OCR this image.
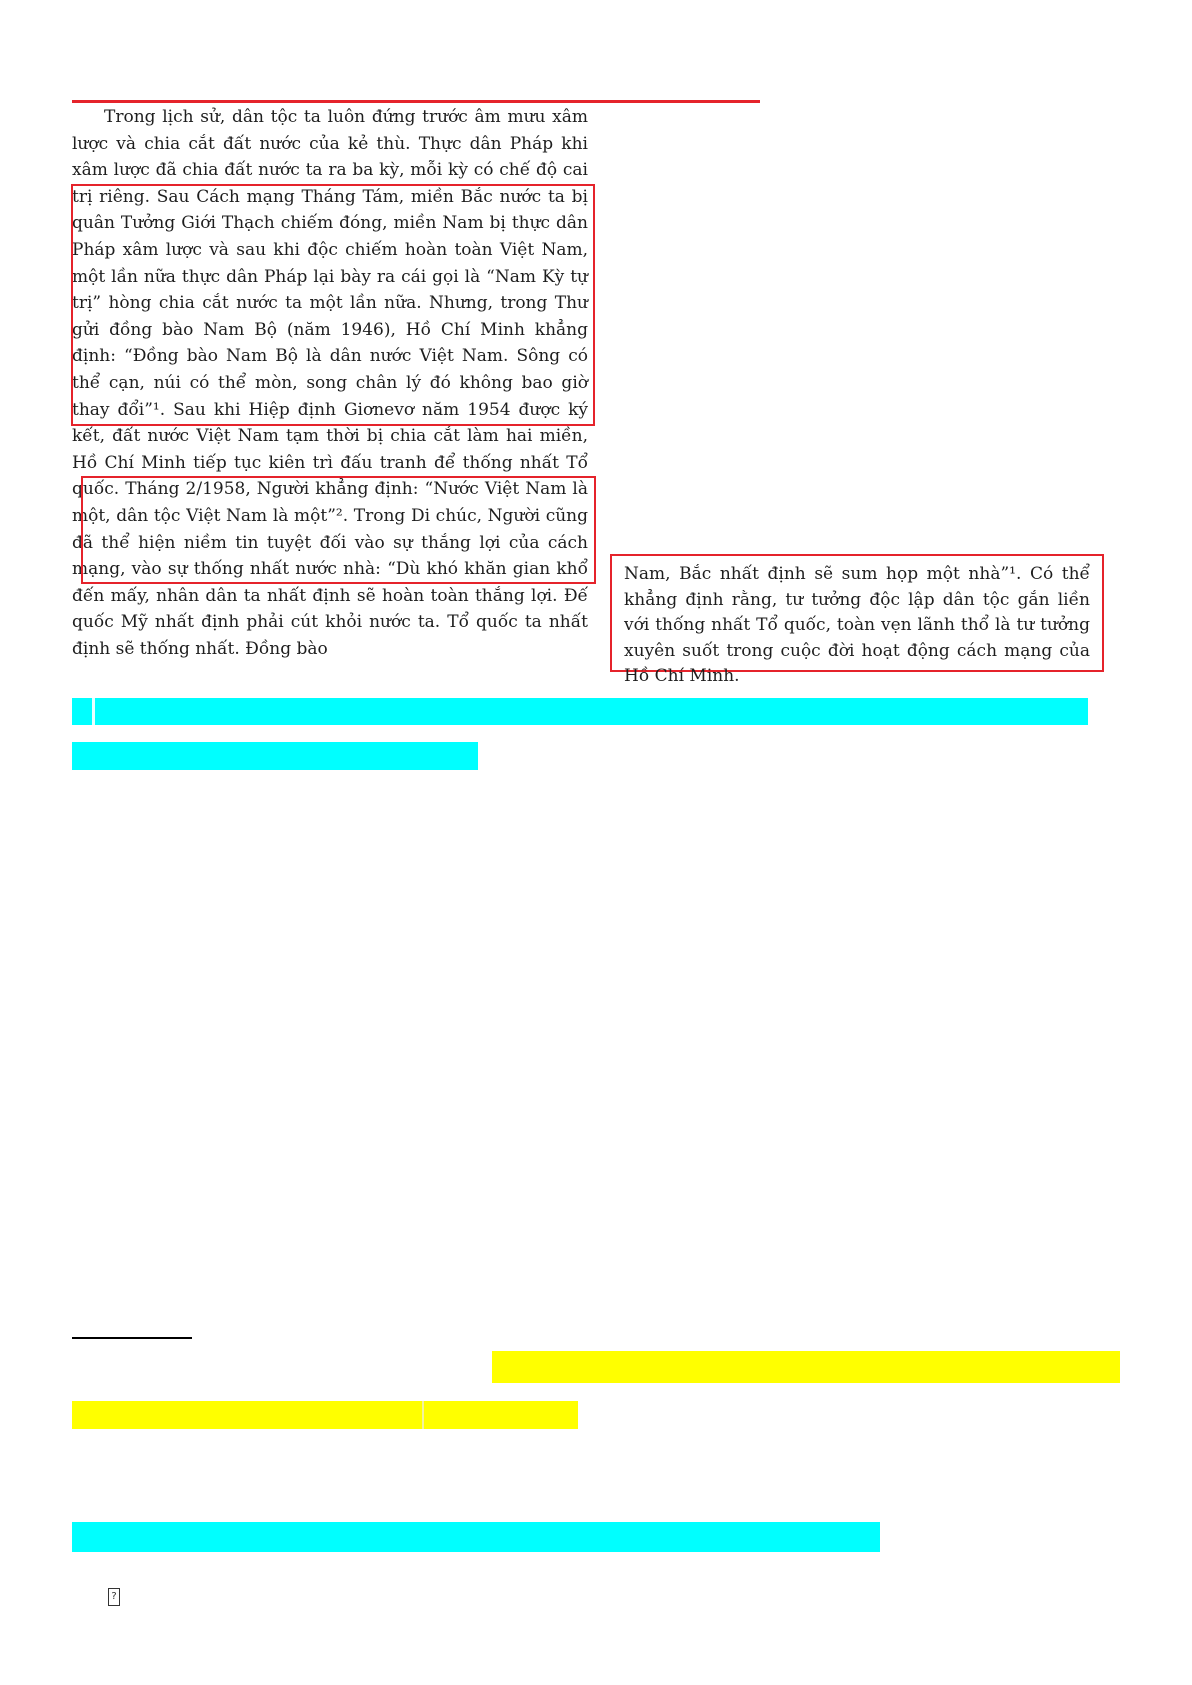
Trong lịch sử, dân tộc ta luôn đứng trước âm mưu xâm lược và chia cắt đất nước của kẻ thù. Thực dân Pháp khi xâm lược đã chia đất nước ta ra ba kỳ, mỗi kỳ có chế độ cai trị riêng. Sau Cách mạng Tháng Tám, miền Bắc nước ta bị quân Tưởng Giới Thạch chiếm đóng, miền Nam bị thực dân Pháp xâm lược và sau khi độc chiếm hoàn toàn Việt Nam, một lần nữa thực dân Pháp lại bày ra cái gọi là “Nam Kỳ tự trị” hòng chia cắt nước ta một lần nữa. Nhưng, trong Thư gửi đồng bào Nam Bộ (năm 1946), Hồ Chí Minh khẳng định: “Đồng bào Nam Bộ là dân nước Việt Nam. Sông có thể cạn, núi có thể mòn, song chân lý đó không bao giờ thay đổi”¹. Sau khi Hiệp định Giơnevơ năm 1954 được ký kết, đất nước Việt Nam tạm thời bị chia cắt làm hai miền, Hồ Chí Minh tiếp tục kiên trì đấu tranh để thống nhất Tổ quốc. Tháng 2/1958, Người khẳng định: “Nước Việt Nam là một, dân tộc Việt Nam là một”². Trong Di chúc, Người cũng đã thể hiện niềm tin tuyệt đối vào sự thắng lợi của cách mạng, vào sự thống nhất nước nhà: “Dù khó khăn gian khổ đến mấy, nhân dân ta nhất định sẽ hoàn toàn thắng lợi. Đế quốc Mỹ nhất định phải cút khỏi nước ta. Tổ quốc ta nhất định sẽ thống nhất. Đồng bào

Nam, Bắc nhất định sẽ sum họp một nhà”¹. Có thể khẳng định rằng, tư tưởng độc lập dân tộc gắn liền với thống nhất Tổ quốc, toàn vẹn lãnh thổ là tư tưởng xuyên suốt trong cuộc đời hoạt động cách mạng của Hồ Chí Minh.
?
